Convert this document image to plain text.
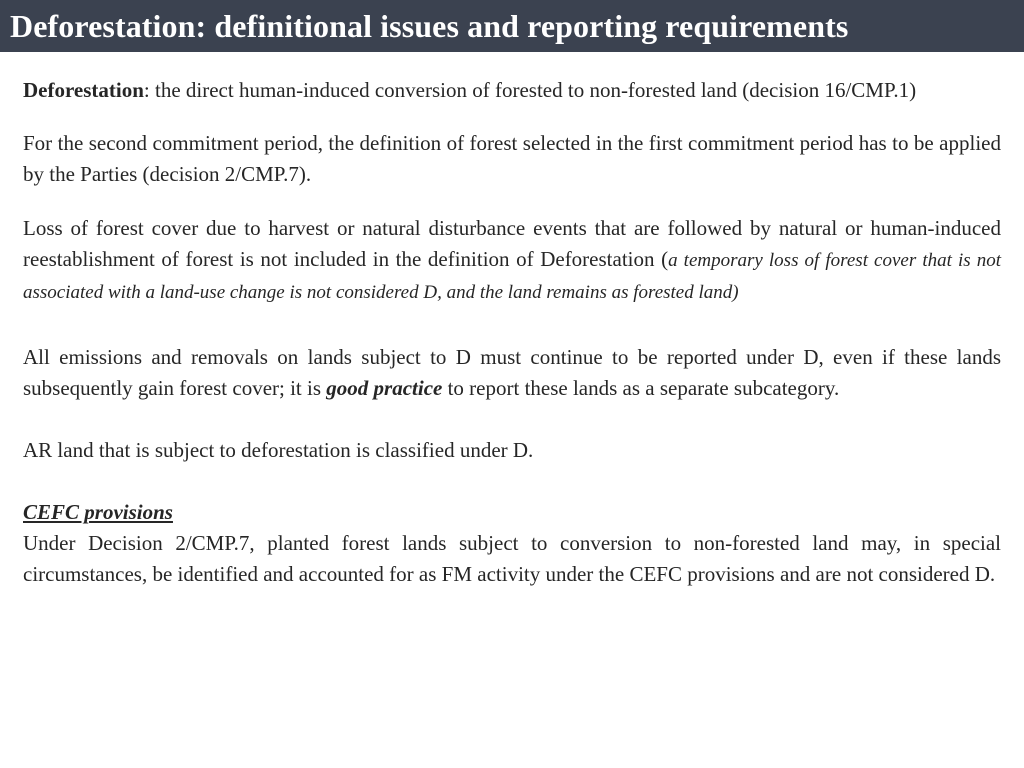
Deforestation: definitional issues and reporting requirements

Deforestation: the direct human-induced conversion of forested to non-forested land (decision 16/CMP.1)

For the second commitment period, the definition of forest selected in the first commitment period has to be applied by the Parties (decision 2/CMP.7).

Loss of forest cover due to harvest or natural disturbance events that are followed by natural or human-induced reestablishment of forest is not included in the definition of Deforestation (a temporary loss of forest cover that is not associated with a land-use change is not considered D, and the land remains as forested land)

All emissions and removals on lands subject to D must continue to be reported under D, even if these lands subsequently gain forest cover; it is good practice to report these lands as a separate subcategory.

AR land that is subject to deforestation is classified under D.

CEFC provisions
Under Decision 2/CMP.7, planted forest lands subject to conversion to non-forested land may, in special circumstances, be identified and accounted for as FM activity under the CEFC provisions and are not considered D.
